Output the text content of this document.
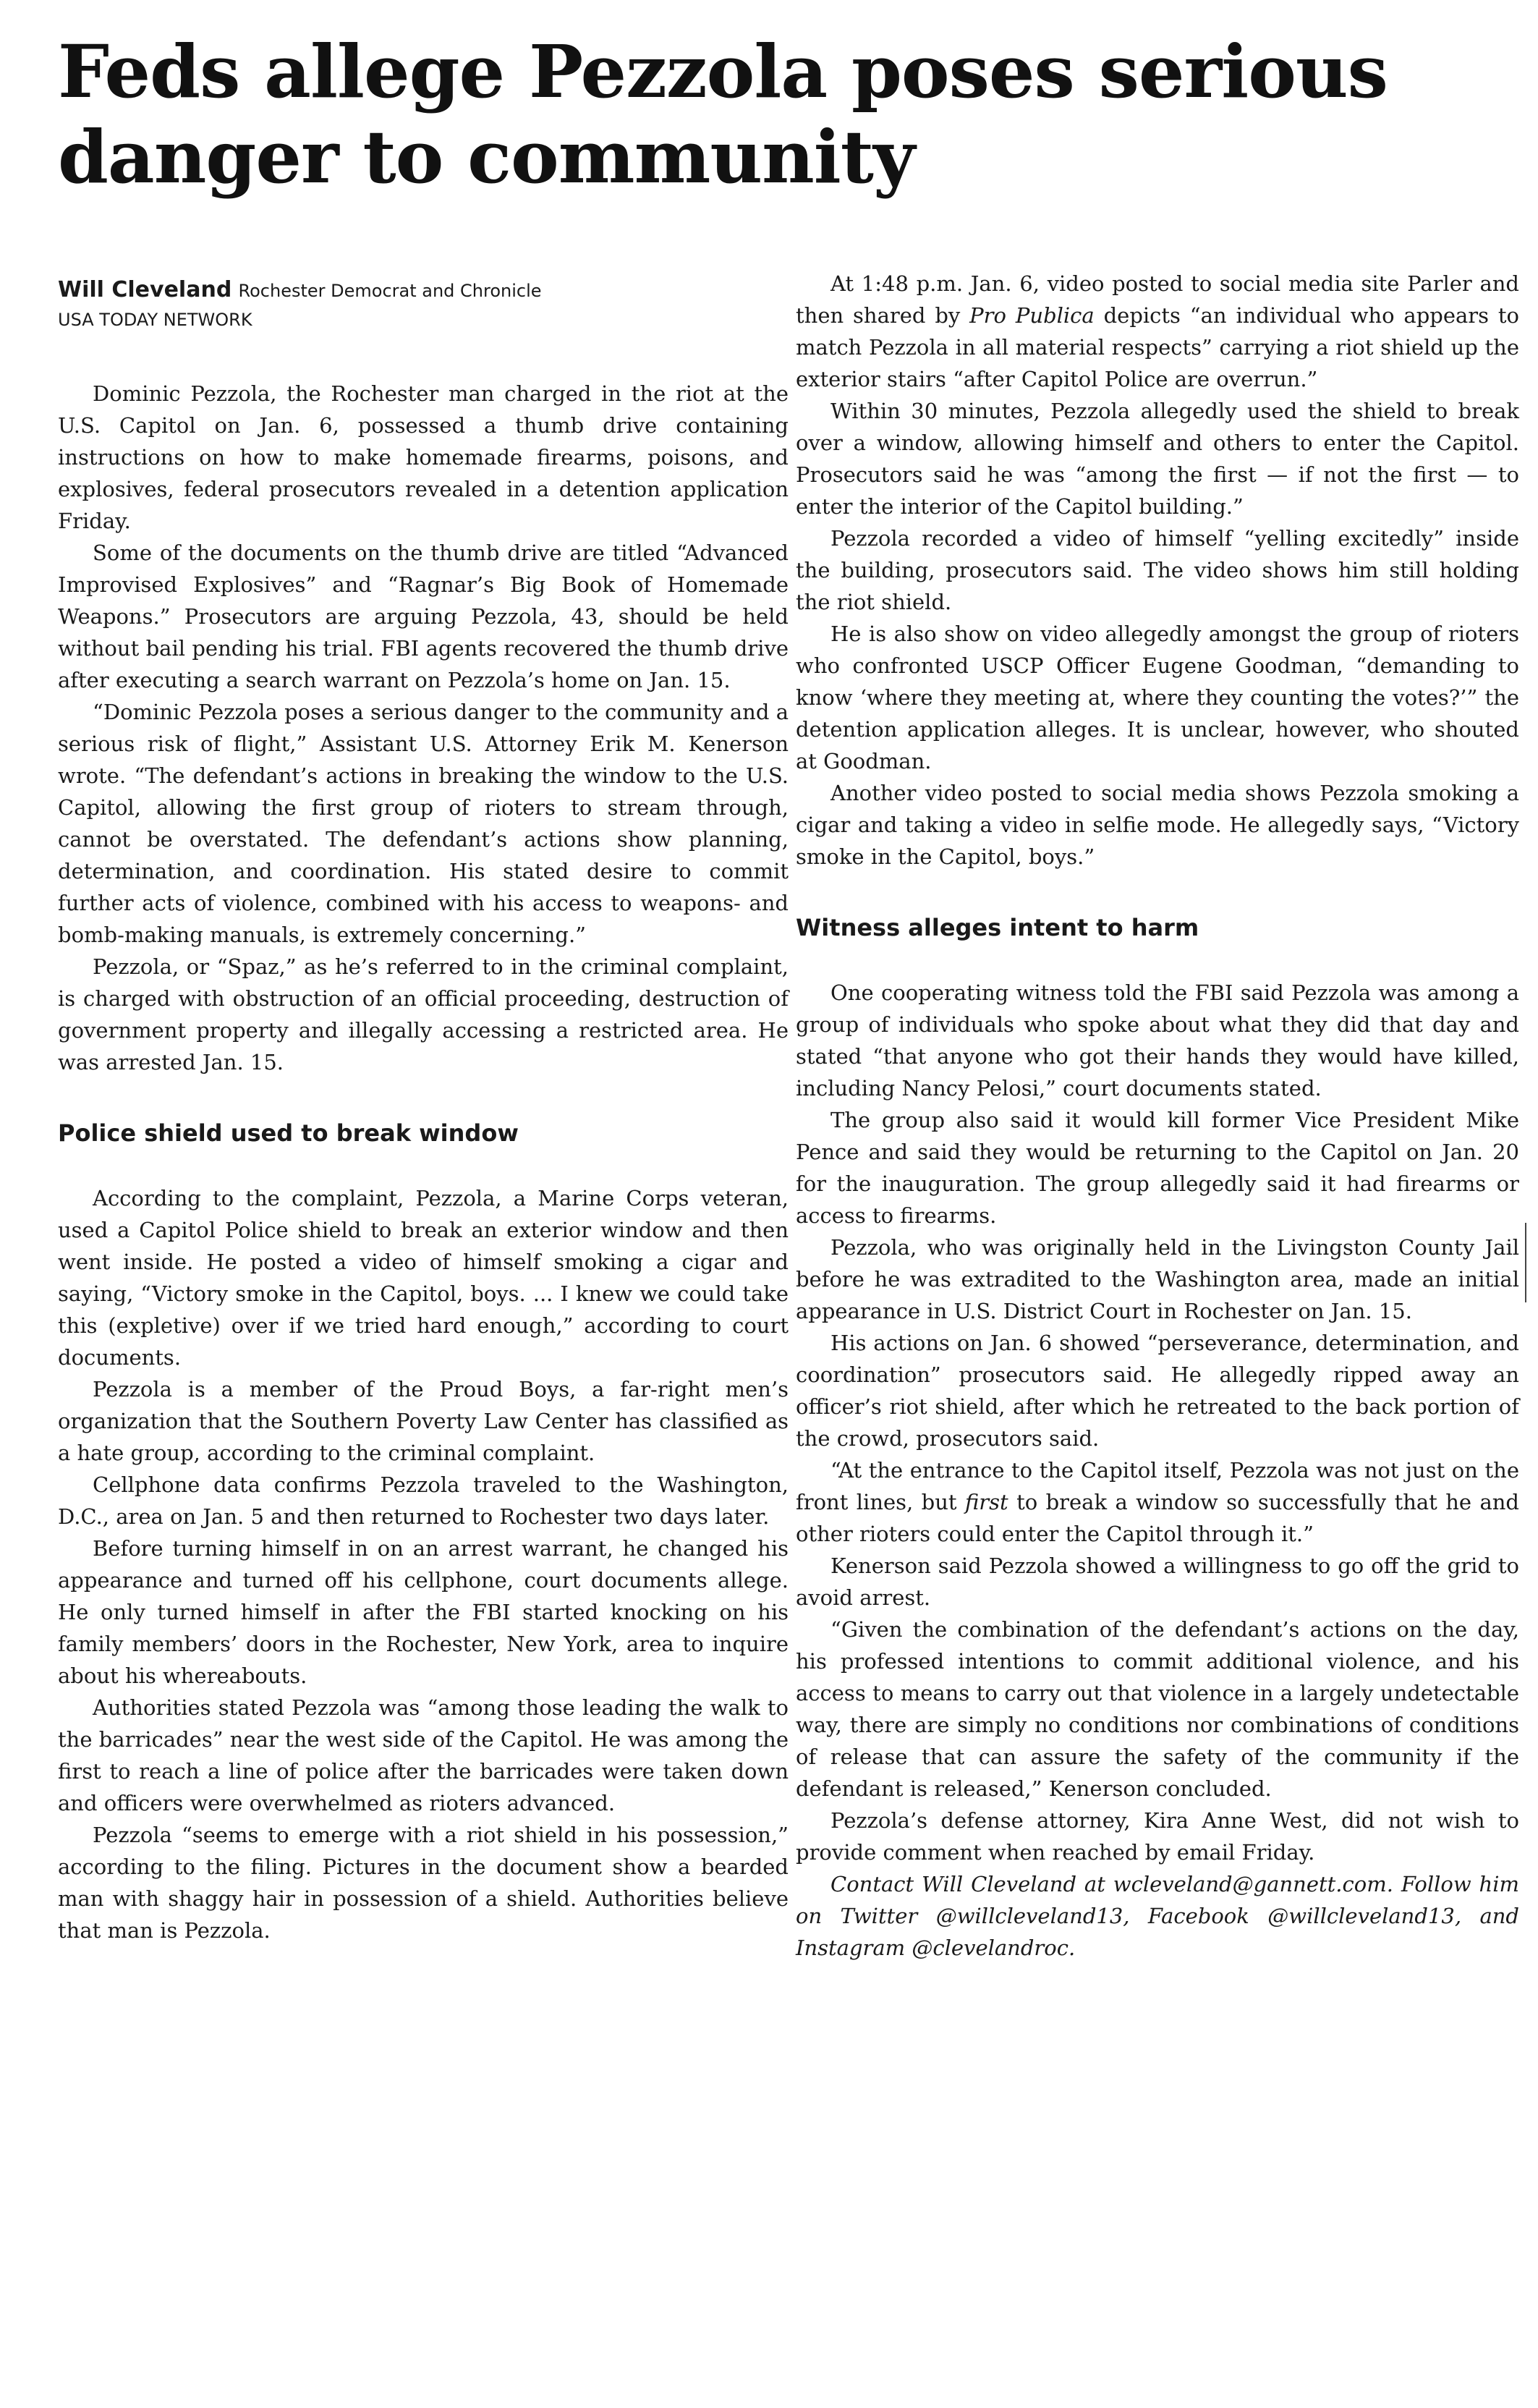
Feds allege Pezzola poses serious danger to community
Will Cleveland Rochester Democrat and Chronicle
USA TODAY NETWORK

Dominic Pezzola, the Rochester man charged in the riot at the U.S. Capitol on Jan. 6, possessed a thumb drive containing instructions on how to make homemade firearms, poisons, and explosives, federal prosecutors revealed in a detention application Friday.

Some of the documents on the thumb drive are titled “Advanced Improvised Explosives” and “Ragnar’s Big Book of Homemade Weapons.” Prosecutors are arguing Pezzola, 43, should be held without bail pending his trial. FBI agents recovered the thumb drive after executing a search warrant on Pezzola’s home on Jan. 15.

“Dominic Pezzola poses a serious danger to the community and a serious risk of flight,” Assistant U.S. Attorney Erik M. Kenerson wrote. “The defendant’s actions in breaking the window to the U.S. Capitol, allowing the first group of rioters to stream through, cannot be overstated. The defendant’s actions show planning, determination, and coordination. His stated desire to commit further acts of violence, combined with his access to weapons- and bomb-making manuals, is extremely concerning.”

Pezzola, or “Spaz,” as he’s referred to in the criminal complaint, is charged with obstruction of an official proceeding, destruction of government property and illegally accessing a restricted area. He was arrested Jan. 15.

Police shield used to break window

According to the complaint, Pezzola, a Marine Corps veteran, used a Capitol Police shield to break an exterior window and then went inside. He posted a video of himself smoking a cigar and saying, “Victory smoke in the Capitol, boys. ... I knew we could take this (expletive) over if we tried hard enough,” according to court documents.

Pezzola is a member of the Proud Boys, a far-right men’s organization that the Southern Poverty Law Center has classified as a hate group, according to the criminal complaint.

Cellphone data confirms Pezzola traveled to the Washington, D.C., area on Jan. 5 and then returned to Rochester two days later.

Before turning himself in on an arrest warrant, he changed his appearance and turned off his cellphone, court documents allege. He only turned himself in after the FBI started knocking on his family members’ doors in the Rochester, New York, area to inquire about his whereabouts.

Authorities stated Pezzola was “among those leading the walk to the barricades” near the west side of the Capitol. He was among the first to reach a line of police after the barricades were taken down and officers were overwhelmed as rioters advanced.

Pezzola “seems to emerge with a riot shield in his possession,” according to the filing. Pictures in the document show a bearded man with shaggy hair in possession of a shield. Authorities believe that man is Pezzola.

At 1:48 p.m. Jan. 6, video posted to social media site Parler and then shared by Pro Publica depicts “an individual who appears to match Pezzola in all material respects” carrying a riot shield up the exterior stairs “after Capitol Police are overrun.”

Within 30 minutes, Pezzola allegedly used the shield to break over a window, allowing himself and others to enter the Capitol. Prosecutors said he was “among the first — if not the first — to enter the interior of the Capitol building.”

Pezzola recorded a video of himself “yelling excitedly” inside the building, prosecutors said. The video shows him still holding the riot shield.

He is also show on video allegedly amongst the group of rioters who confronted USCP Officer Eugene Goodman, “demanding to know ‘where they meeting at, where they counting the votes?’” the detention application alleges. It is unclear, however, who shouted at Goodman.

Another video posted to social media shows Pezzola smoking a cigar and taking a video in selfie mode. He allegedly says, “Victory smoke in the Capitol, boys.”

Witness alleges intent to harm

One cooperating witness told the FBI said Pezzola was among a group of individuals who spoke about what they did that day and stated “that anyone who got their hands they would have killed, including Nancy Pelosi,” court documents stated.

The group also said it would kill former Vice President Mike Pence and said they would be returning to the Capitol on Jan. 20 for the inauguration. The group allegedly said it had firearms or access to firearms.

Pezzola, who was originally held in the Livingston County Jail before he was extradited to the Washington area, made an initial appearance in U.S. District Court in Rochester on Jan. 15.

His actions on Jan. 6 showed “perseverance, determination, and coordination” prosecutors said. He allegedly ripped away an officer’s riot shield, after which he retreated to the back portion of the crowd, prosecutors said.

“At the entrance to the Capitol itself, Pezzola was not just on the front lines, but first to break a window so successfully that he and other rioters could enter the Capitol through it.”

Kenerson said Pezzola showed a willingness to go off the grid to avoid arrest.

“Given the combination of the defendant’s actions on the day, his professed intentions to commit additional violence, and his access to means to carry out that violence in a largely undetectable way, there are simply no conditions nor combinations of conditions of release that can assure the safety of the community if the defendant is released,” Kenerson concluded.

Pezzola’s defense attorney, Kira Anne West, did not wish to provide comment when reached by email Friday.

Contact Will Cleveland at wcleveland@gannett.com. Follow him on Twitter @willcleveland13, Facebook @willcleveland13, and Instagram @clevelandroc.
